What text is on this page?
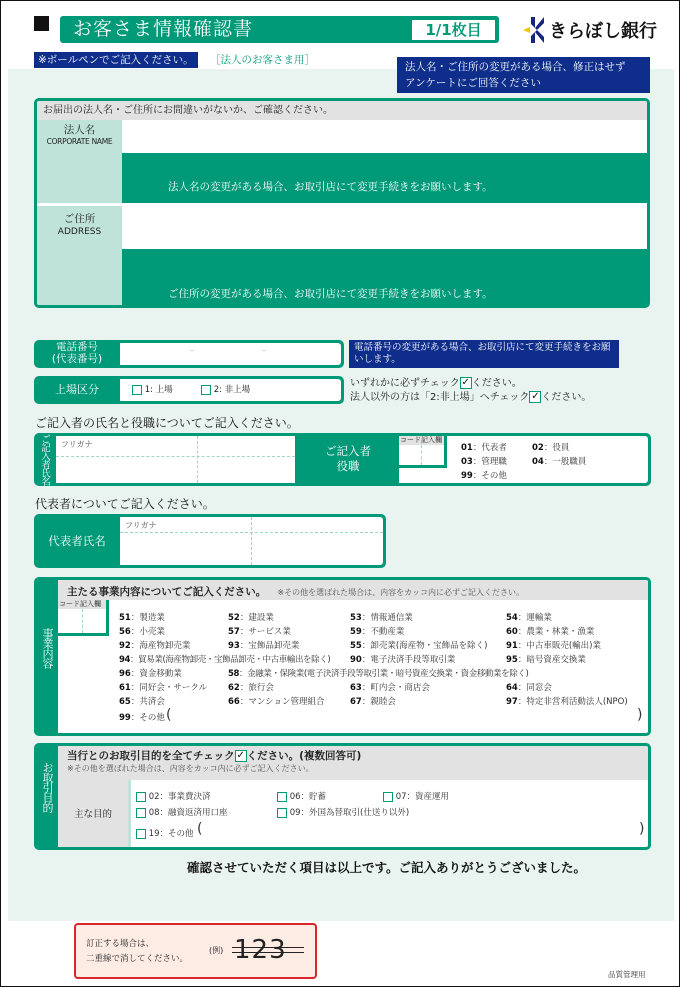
お客さま情報確認書	1/1枚目	きらぼし銀行
※ボールペンでご記入ください。	［法人のお客さま用］
法人名・ご住所の変更がある場合、修正はせず
アンケートにご回答ください
お届出の法人名・ご住所にお間違いがないか、ご確認ください。
法人名
CORPORATE NAME
法人名の変更がある場合、お取引店にて変更手続きをお願いします。
ご住所
ADDRESS
ご住所の変更がある場合、お取引店にて変更手続きをお願いします。
電話番号
(代表番号)
–	–	電話番号の変更がある場合、お取引店にて変更手続きをお願いします。
上場区分	1: 上場	2: 非上場
いずれかに必ずチェック ✓ ください。
法人以外の方は「2:非上場」へチェック ✓ ください。
ご記入者の氏名と役職についてご記入ください。
ご記入者氏名 フリガナ	ご記入者
役職
コード記入欄
01：代表者	02：役員
03：管理職	04：一般職員
99：その他
代表者についてご記入ください。
代表者氏名
フリガナ
事業内容
主たる事業内容についてご記入ください。 ※その他を選ばれた場合は、内容をカッコ内に必ずご記入ください。
コード記入欄
51：製造業	52：建設業	53：情報通信業	54：運輸業
56：小売業	57：サービス業	59：不動産業	60：農業・林業・漁業
92：海産物卸売業	93：宝飾品卸売業	55：卸売業(海産物・宝飾品を除く) 91：中古車販売(輸出)業
94：貿易業(海産物卸売・宝飾品卸売・中古車輸出を除く) 90：電子決済手段等取引業	95：暗号資産交換業
96：資金移動業	58：金融業・保険業(電子決済手段等取引業・暗号資産交換業・資金移動業を除く)
61：同好会・サークル 62：旅行会	63：町内会・商店会	64：同窓会
65：共済会	66：マンション管理組合	67：親睦会	97：特定非営利活動法人(NPO)
99：その他 (	)
お取引目的
当行とのお取引目的を全てチェック ✓ ください。(複数回答可)
※その他を選ばれた場合は、内容をカッコ内に必ずご記入ください。
主な目的
02：事業費決済	06：貯蓄	07：資産運用
08：融資返済用口座	09：外国為替取引(仕送り以外)
19：その他 (	)
確認させていただく項目は以上です。ご記入ありがとうございました。
訂正する場合は、
二重線で消してください。
(例) 123
品質管理用
